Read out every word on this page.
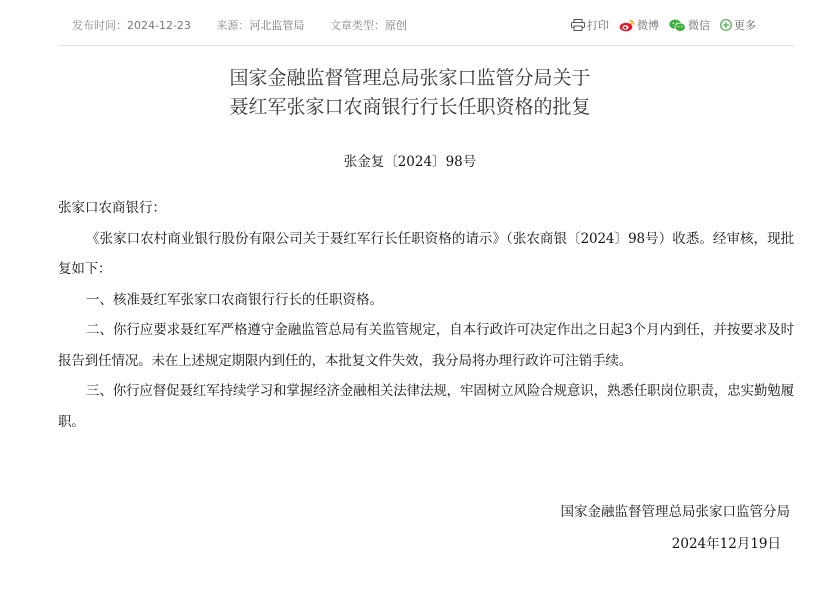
发布时间：2024-12-23 来源：河北监管局 文章类型：原创	打印	微博	微信 更多
国家金融监督管理总局张家口监管分局关于
聂红军张家口农商银行行长任职资格的批复
张金复〔2024〕98号

张家口农商银行：

《张家口农村商业银行股份有限公司关于聂红军行长任职资格的请示》（张农商银〔2024〕98号）收悉。经审核，现批复如下：

一、核准聂红军张家口农商银行行长的任职资格。

二、你行应要求聂红军严格遵守金融监管总局有关监管规定，自本行政许可决定作出之日起3个月内到任，并按要求及时报告到任情况。未在上述规定期限内到任的，本批复文件失效，我分局将办理行政许可注销手续。

三、你行应督促聂红军持续学习和掌握经济金融相关法律法规，牢固树立风险合规意识，熟悉任职岗位职责，忠实勤勉履职。

国家金融监督管理总局张家口监管分局
2024年12月19日
